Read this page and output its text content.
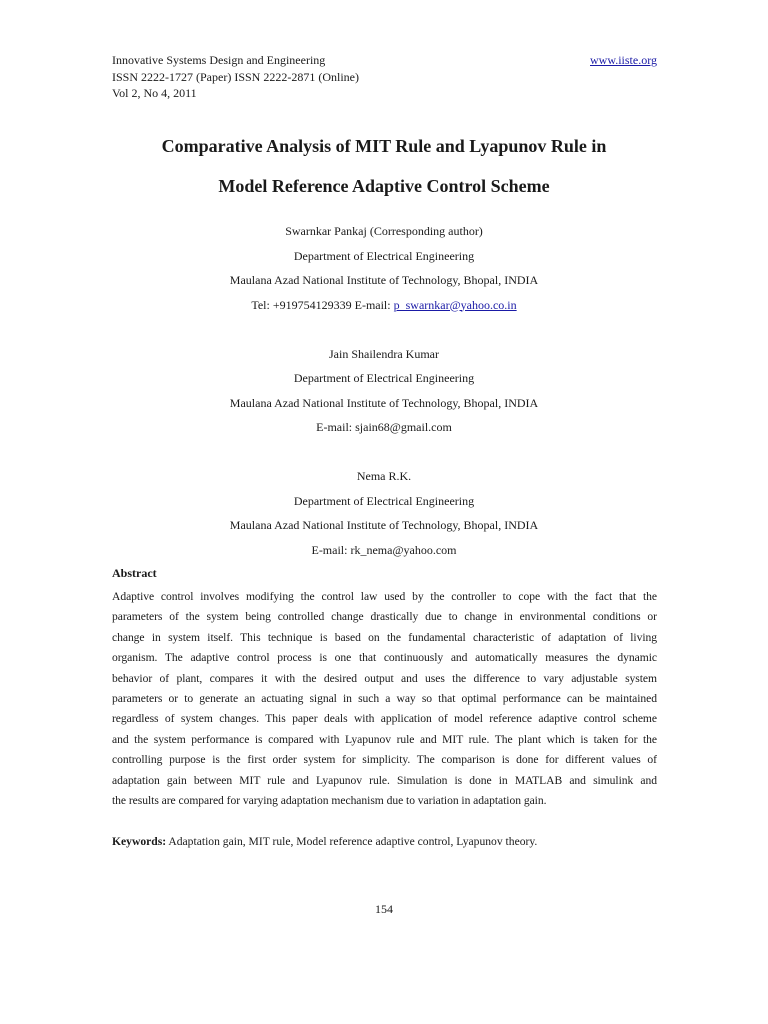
Innovative Systems Design and Engineering	www.iiste.org
ISSN 2222-1727 (Paper) ISSN 2222-2871 (Online)
Vol 2, No 4, 2011
Comparative Analysis of MIT Rule and Lyapunov Rule in
Model Reference Adaptive Control Scheme
Swarnkar Pankaj (Corresponding author)
Department of Electrical Engineering
Maulana Azad National Institute of Technology, Bhopal, INDIA
Tel: +919754129339 E-mail: p_swarnkar@yahoo.co.in
Jain Shailendra Kumar
Department of Electrical Engineering
Maulana Azad National Institute of Technology, Bhopal, INDIA
E-mail: sjain68@gmail.com
Nema R.K.
Department of Electrical Engineering
Maulana Azad National Institute of Technology, Bhopal, INDIA
E-mail: rk_nema@yahoo.com
Abstract
Adaptive control involves modifying the control law used by the controller to cope with the fact that the
parameters of the system being controlled change drastically due to change in environmental conditions or
change in system itself. This technique is based on the fundamental characteristic of adaptation of living
organism. The adaptive control process is one that continuously and automatically measures the dynamic
behavior of plant, compares it with the desired output and uses the difference to vary adjustable system
parameters or to generate an actuating signal in such a way so that optimal performance can be maintained
regardless of system changes. This paper deals with application of model reference adaptive control scheme
and the system performance is compared with Lyapunov rule and MIT rule. The plant which is taken for the
controlling purpose is the first order system for simplicity. The comparison is done for different values of
adaptation gain between MIT rule and Lyapunov rule. Simulation is done in MATLAB and simulink and
the results are compared for varying adaptation mechanism due to variation in adaptation gain.
Keywords: Adaptation gain, MIT rule, Model reference adaptive control, Lyapunov theory.
154
